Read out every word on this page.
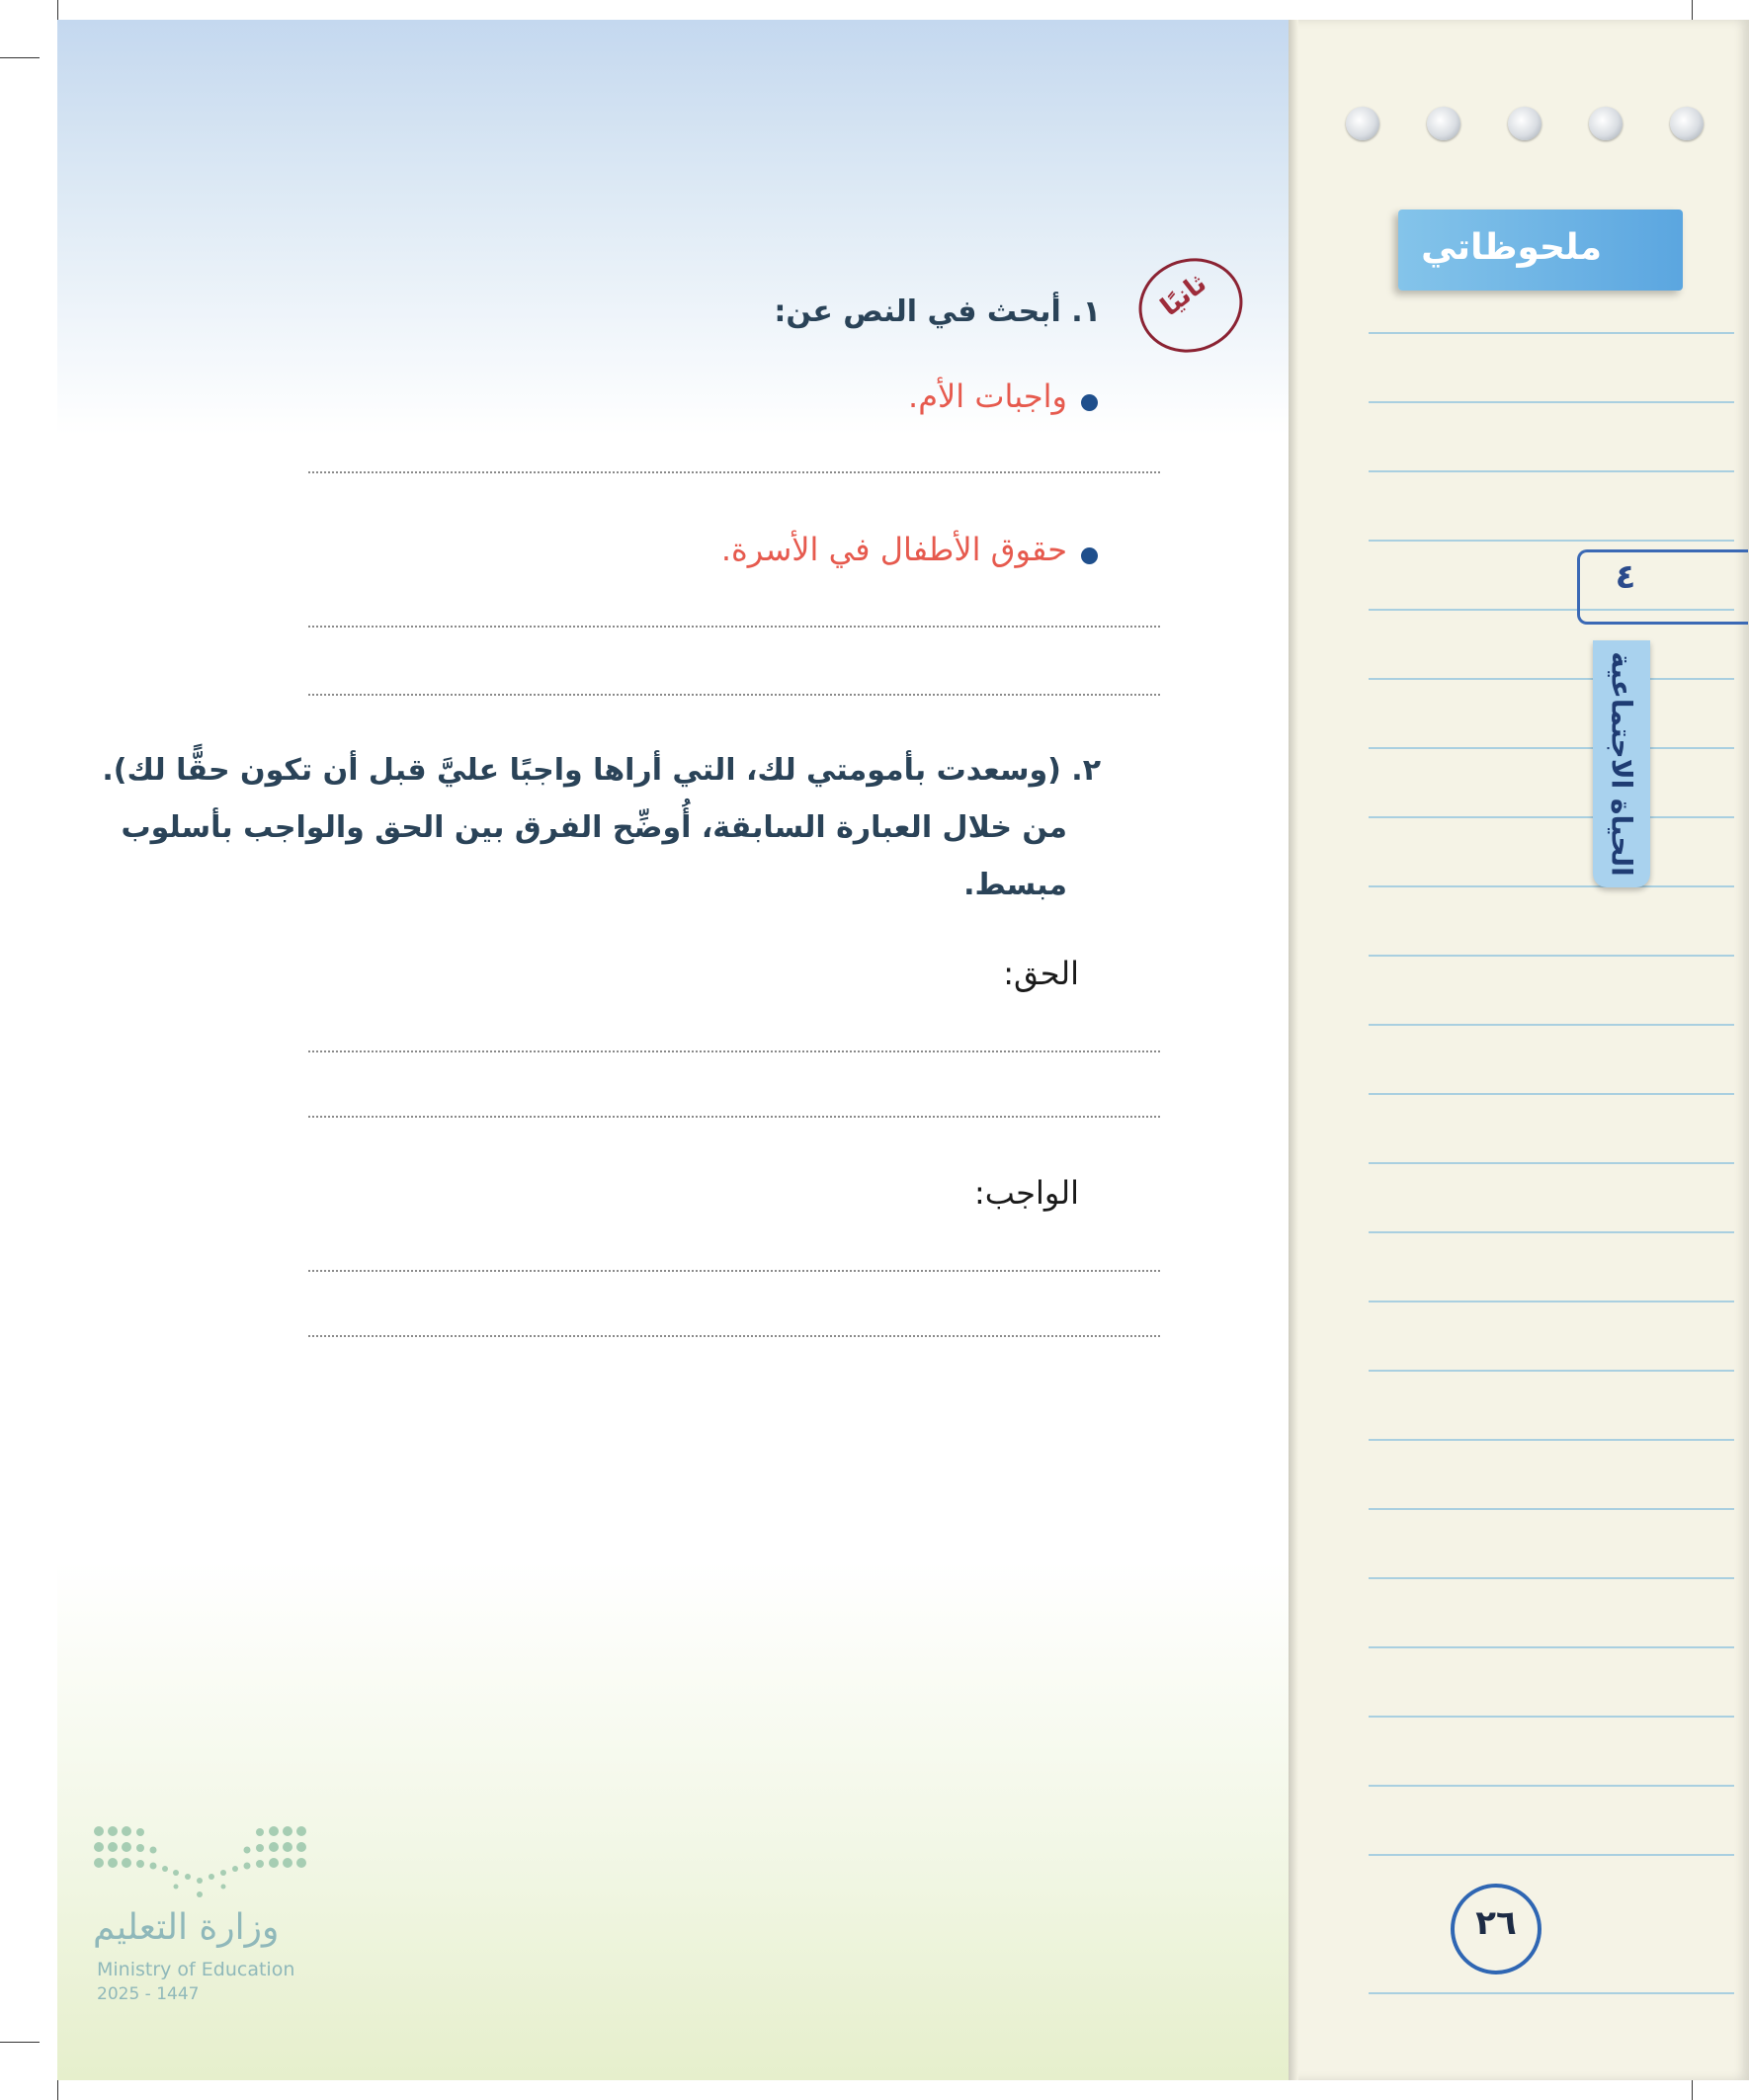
ملحوظاتي
٤
الحياة الاجتماعية
٢٦
ثانيًا
١. أبحث في النص عن:
واجبات الأم.
حقوق الأطفال في الأسرة.
٢. (وسعدت بأمومتي لك، التي أراها واجبًا عليَّ قبل أن تكون حقًّا لك).
من خلال العبارة السابقة، أُوضِّح الفرق بين الحق والواجب بأسلوب
مبسط.
الحق:
الواجب:
وزارة التعليم
Ministry of Education
2025 - 1447
